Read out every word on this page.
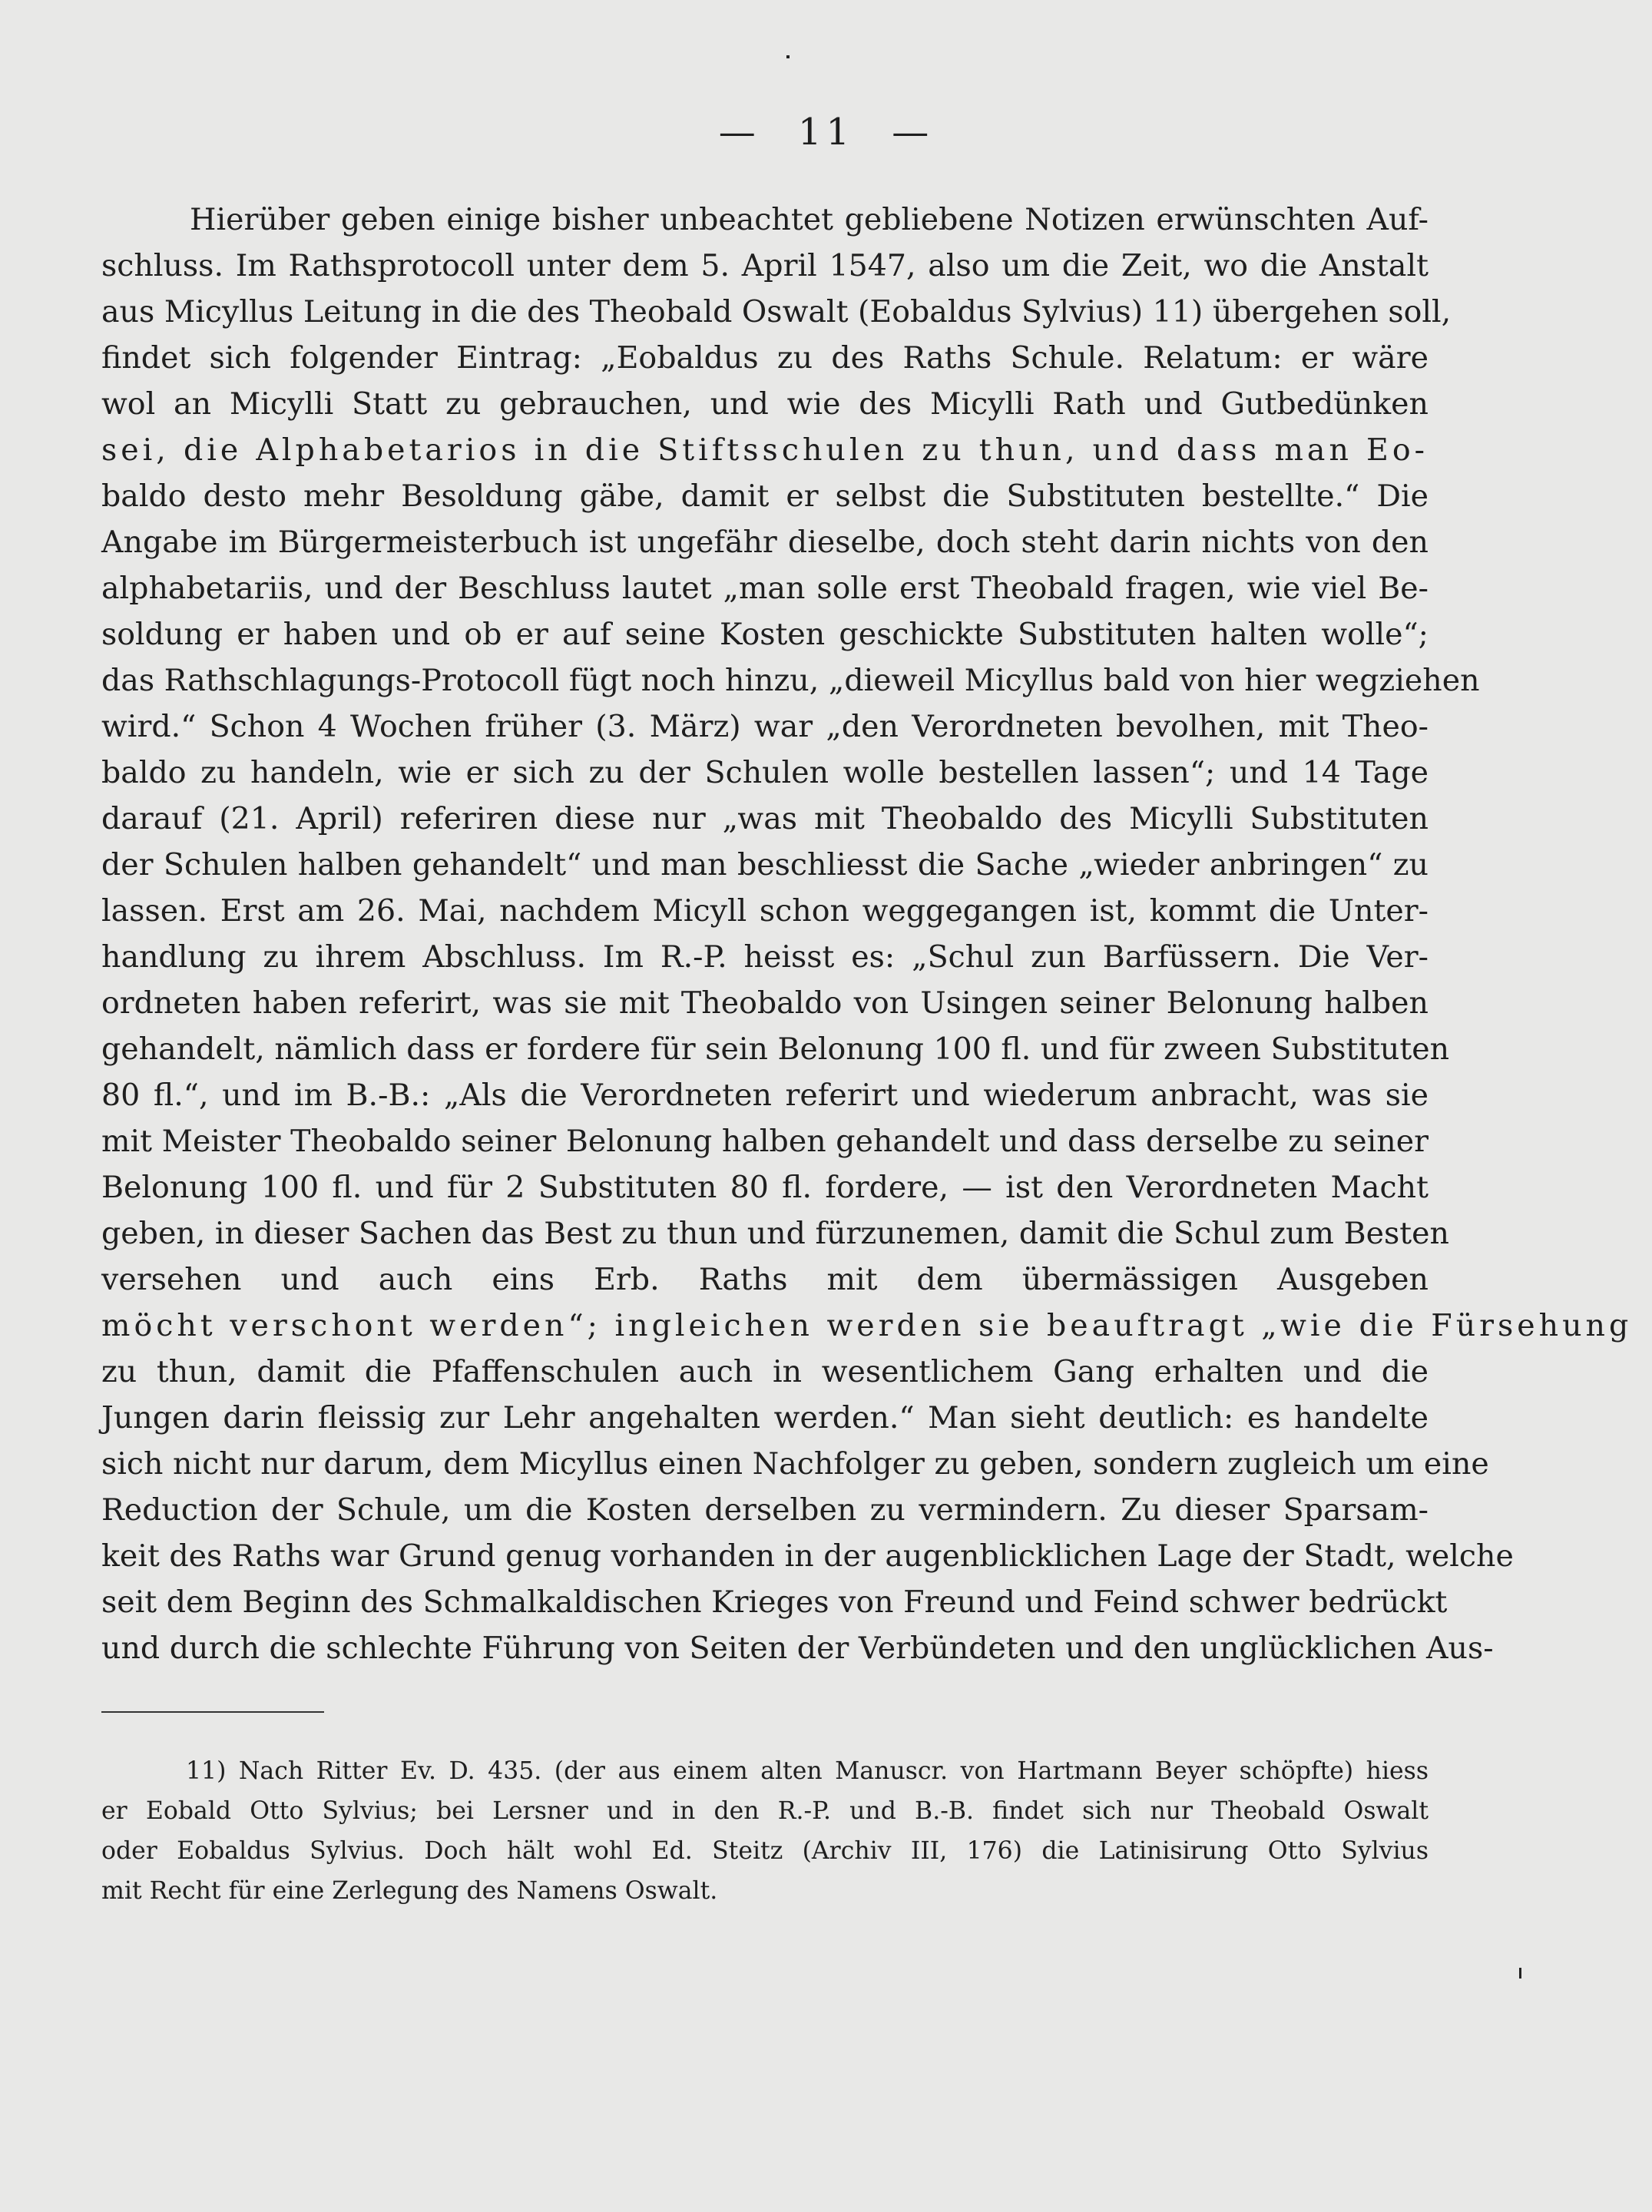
— 11 —
Hierüber geben einige bisher unbeachtet gebliebene Notizen erwünschten Auf-
schluss. Im Rathsprotocoll unter dem 5. April 1547, also um die Zeit, wo die Anstalt
aus Micyllus Leitung in die des Theobald Oswalt (Eobaldus Sylvius) 11) übergehen soll,
findet sich folgender Eintrag: „Eobaldus zu des Raths Schule. Relatum: er wäre
wol an Micylli Statt zu gebrauchen, und wie des Micylli Rath und Gutbedünken
sei, die Alphabetarios in die Stiftsschulen zu thun, und dass man Eo-
baldo desto mehr Besoldung gäbe, damit er selbst die Substituten bestellte.“ Die
Angabe im Bürgermeisterbuch ist ungefähr dieselbe, doch steht darin nichts von den
alphabetariis, und der Beschluss lautet „man solle erst Theobald fragen, wie viel Be-
soldung er haben und ob er auf seine Kosten geschickte Substituten halten wolle“;
das Rathschlagungs-Protocoll fügt noch hinzu, „dieweil Micyllus bald von hier wegziehen
wird.“ Schon 4 Wochen früher (3. März) war „den Verordneten bevolhen, mit Theo-
baldo zu handeln, wie er sich zu der Schulen wolle bestellen lassen“; und 14 Tage
darauf (21. April) referiren diese nur „was mit Theobaldo des Micylli Substituten
der Schulen halben gehandelt“ und man beschliesst die Sache „wieder anbringen“ zu
lassen. Erst am 26. Mai, nachdem Micyll schon weggegangen ist, kommt die Unter-
handlung zu ihrem Abschluss. Im R.-P. heisst es: „Schul zun Barfüssern. Die Ver-
ordneten haben referirt, was sie mit Theobaldo von Usingen seiner Belonung halben
gehandelt, nämlich dass er fordere für sein Belonung 100 fl. und für zween Substituten
80 fl.“, und im B.-B.: „Als die Verordneten referirt und wiederum anbracht, was sie
mit Meister Theobaldo seiner Belonung halben gehandelt und dass derselbe zu seiner
Belonung 100 fl. und für 2 Substituten 80 fl. fordere, — ist den Verordneten Macht
geben, in dieser Sachen das Best zu thun und fürzunemen, damit die Schul zum Besten
versehen und auch eins Erb. Raths mit dem übermässigen Ausgeben
möcht verschont werden“; ingleichen werden sie beauftragt „wie die Fürsehung
zu thun, damit die Pfaffenschulen auch in wesentlichem Gang erhalten und die
Jungen darin fleissig zur Lehr angehalten werden.“ Man sieht deutlich: es handelte
sich nicht nur darum, dem Micyllus einen Nachfolger zu geben, sondern zugleich um eine
Reduction der Schule, um die Kosten derselben zu vermindern. Zu dieser Sparsam-
keit des Raths war Grund genug vorhanden in der augenblicklichen Lage der Stadt, welche
seit dem Beginn des Schmalkaldischen Krieges von Freund und Feind schwer bedrückt
und durch die schlechte Führung von Seiten der Verbündeten und den unglücklichen Aus-
11) Nach Ritter Ev. D. 435. (der aus einem alten Manuscr. von Hartmann Beyer schöpfte) hiess
er Eobald Otto Sylvius; bei Lersner und in den R.-P. und B.-B. findet sich nur Theobald Oswalt
oder Eobaldus Sylvius. Doch hält wohl Ed. Steitz (Archiv III, 176) die Latinisirung Otto Sylvius
mit Recht für eine Zerlegung des Namens Oswalt.
